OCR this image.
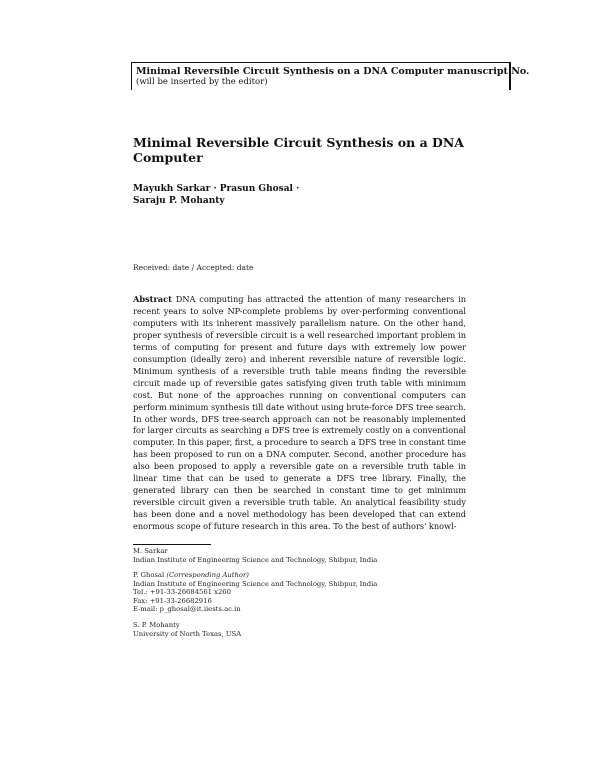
Minimal Reversible Circuit Synthesis on a DNA Computer manuscript No.
(will be inserted by the editor)
Minimal Reversible Circuit Synthesis on a DNA Computer
Mayukh Sarkar · Prasun Ghosal ·
Saraju P. Mohanty
Received: date / Accepted: date
Abstract DNA computing has attracted the attention of many researchers in recent years to solve NP-complete problems by over-performing conventional computers with its inherent massively parallelism nature. On the other hand, proper synthesis of reversible circuit is a well researched important problem in terms of computing for present and future days with extremely low power consumption (ideally zero) and inherent reversible nature of reversible logic. Minimum synthesis of a reversible truth table means finding the reversible circuit made up of reversible gates satisfying given truth table with minimum cost. But none of the approaches running on conventional computers can perform minimum synthesis till date without using brute-force DFS tree search. In other words, DFS tree-search approach can not be reasonably implemented for larger circuits as searching a DFS tree is extremely costly on a conventional computer. In this paper, first, a procedure to search a DFS tree in constant time has been proposed to run on a DNA computer. Second, another procedure has also been proposed to apply a reversible gate on a reversible truth table in linear time that can be used to generate a DFS tree library. Finally, the generated library can then be searched in constant time to get minimum reversible circuit given a reversible truth table. An analytical feasibility study has been done and a novel methodology has been developed that can extend enormous scope of future research in this area. To the best of authors' knowl-
M. Sarkar
Indian Institute of Engineering Science and Technology, Shibpur, India
P. Ghosal (Corresponding Author)
Indian Institute of Engineering Science and Technology, Shibpur, India
Tel.: +91-33-26684561 x260
Fax: +91-33-26682916
E-mail: p_ghosal@it.iiests.ac.in
S. P. Mohanty
University of North Texas, USA
